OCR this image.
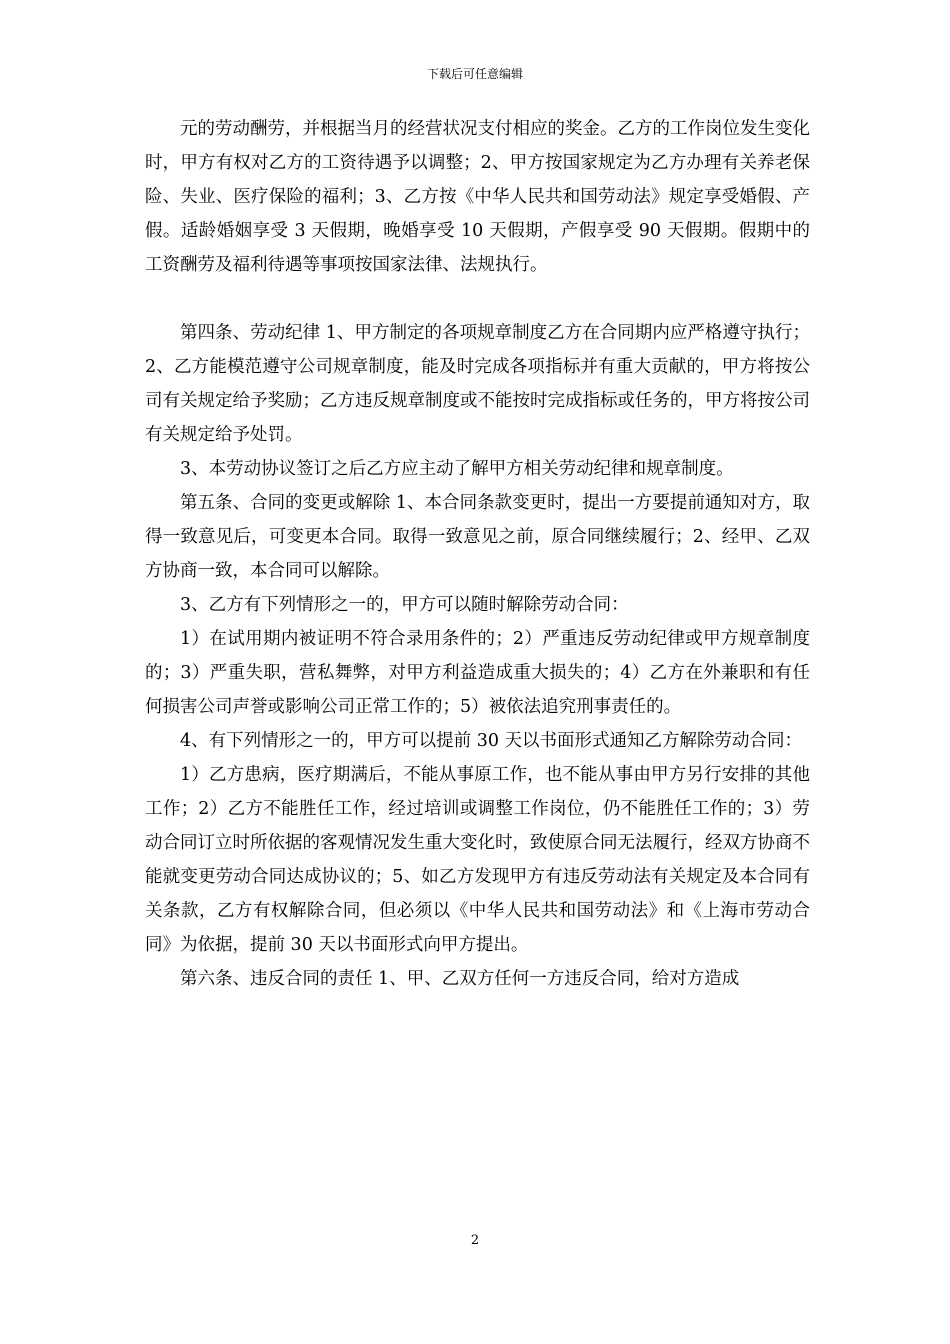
下载后可任意编辑

元的劳动酬劳，并根据当月的经营状况支付相应的奖金。乙方的工作岗位发生变化时，甲方有权对乙方的工资待遇予以调整；2、甲方按国家规定为乙方办理有关养老保险、失业、医疗保险的福利；3、乙方按《中华人民共和国劳动法》规定享受婚假、产假。适龄婚姻享受 3 天假期，晚婚享受 10 天假期，产假享受 90 天假期。假期中的工资酬劳及福利待遇等事项按国家法律、法规执行。

第四条、劳动纪律 1、甲方制定的各项规章制度乙方在合同期内应严格遵守执行；2、乙方能模范遵守公司规章制度，能及时完成各项指标并有重大贡献的，甲方将按公司有关规定给予奖励；乙方违反规章制度或不能按时完成指标或任务的，甲方将按公司有关规定给予处罚。

3、本劳动协议签订之后乙方应主动了解甲方相关劳动纪律和规章制度。

第五条、合同的变更或解除 1、本合同条款变更时，提出一方要提前通知对方，取得一致意见后，可变更本合同。取得一致意见之前，原合同继续履行；2、经甲、乙双方协商一致，本合同可以解除。

3、乙方有下列情形之一的，甲方可以随时解除劳动合同：

1）在试用期内被证明不符合录用条件的；2）严重违反劳动纪律或甲方规章制度的；3）严重失职，营私舞弊，对甲方利益造成重大损失的；4）乙方在外兼职和有任何损害公司声誉或影响公司正常工作的；5）被依法追究刑事责任的。

4、有下列情形之一的，甲方可以提前 30 天以书面形式通知乙方解除劳动合同：

1）乙方患病，医疗期满后，不能从事原工作，也不能从事由甲方另行安排的其他工作；2）乙方不能胜任工作，经过培训或调整工作岗位，仍不能胜任工作的；3）劳动合同订立时所依据的客观情况发生重大变化时，致使原合同无法履行，经双方协商不能就变更劳动合同达成协议的；5、如乙方发现甲方有违反劳动法有关规定及本合同有关条款，乙方有权解除合同，但必须以《中华人民共和国劳动法》和《上海市劳动合同》为依据，提前 30 天以书面形式向甲方提出。

第六条、违反合同的责任 1、甲、乙双方任何一方违反合同，给对方造成

2
